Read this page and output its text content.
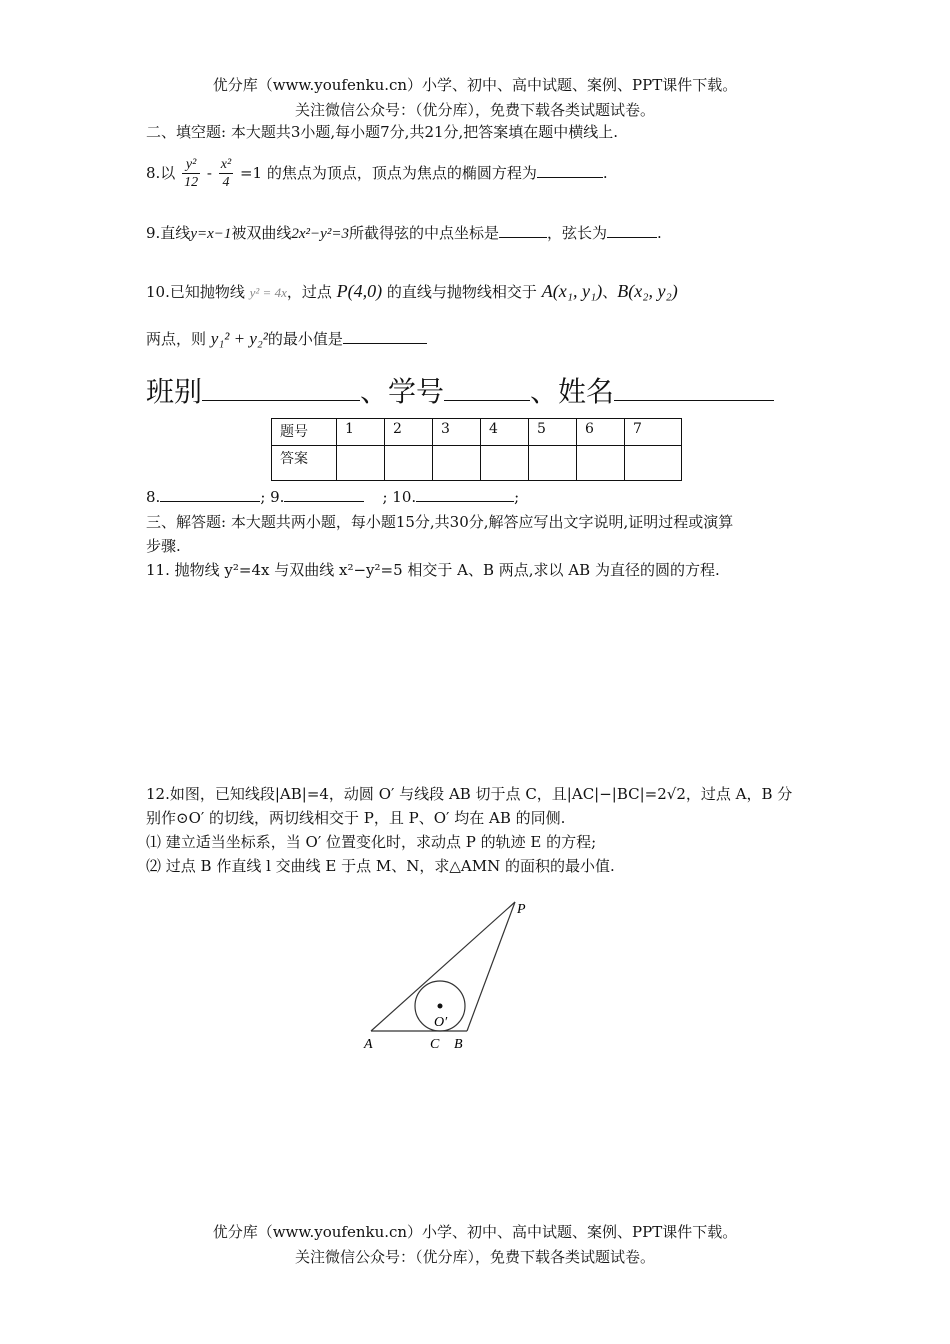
优分库（www.youfenku.cn）小学、初中、高中试题、案例、PPT课件下载。
关注微信公众号：（优分库），免费下载各类试题试卷。
二、填空题: 本大题共3小题,每小题7分,共21分,把答案填在题中横线上.
8.以 $\frac{\text{y²}}{12} - \frac{\text{x²}}{4} =1$ 的焦点为顶点，顶点为焦点的椭圆方程为	.
9.直线y=x−1被双曲线2x²−y²=3所截得弦的中点坐标是	，弦长为	.
10.已知抛物线 y² = 4x，过点 P(4,0) 的直线与抛物线相交于 A(x₁, y₁)、B(x₂, y₂)
两点，则 y₁² + y₂²的最小值是
班别	、学号	、姓名
题号	1	2	3	4	5	6	7
答案							
8.	; 9.	; 10.	;
三、解答题: 本大题共两小题，每小题15分,共30分,解答应写出文字说明,证明过程或演算
步骤.
11. 抛物线 y²=4x 与双曲线 x²−y²=5 相交于 A、B 两点,求以 AB 为直径的圆的方程.
12.如图，已知线段|AB|=4，动圆 O′ 与线段 AB 切于点 C，且|AC|−|BC|=2√2，过点 A，B 分
别作⊙O′ 的切线，两切线相交于 P，且 P、O′ 均在 AB 的同侧.
⑴ 建立适当坐标系，当 O′ 位置变化时，求动点 P 的轨迹 E 的方程;
⑵ 过点 B 作直线 l 交曲线 E 于点 M、N，求△AMN 的面积的最小值.
P
A	C B
O′
优分库（www.youfenku.cn）小学、初中、高中试题、案例、PPT课件下载。
关注微信公众号：（优分库），免费下载各类试题试卷。
